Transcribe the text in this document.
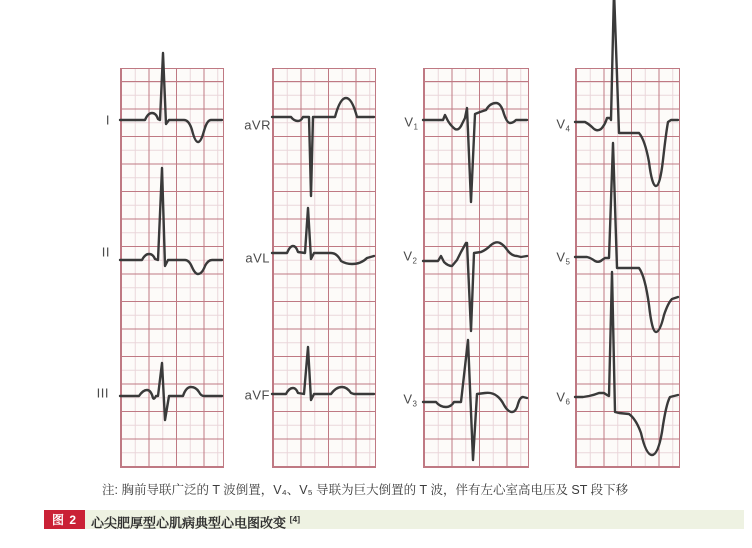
注: 胸前导联广泛的 T 波倒置，V₄、V₅ 导联为巨大倒置的 T 波，伴有左心室高电压及 ST 段下移
图 2	心尖肥厚型心肌病典型心电图改变 [4]
I
II
III
aVR
aVL
aVF
$V_1$
$V_2$
$V_3$
$V_4$
$V_5$
$V_6$
